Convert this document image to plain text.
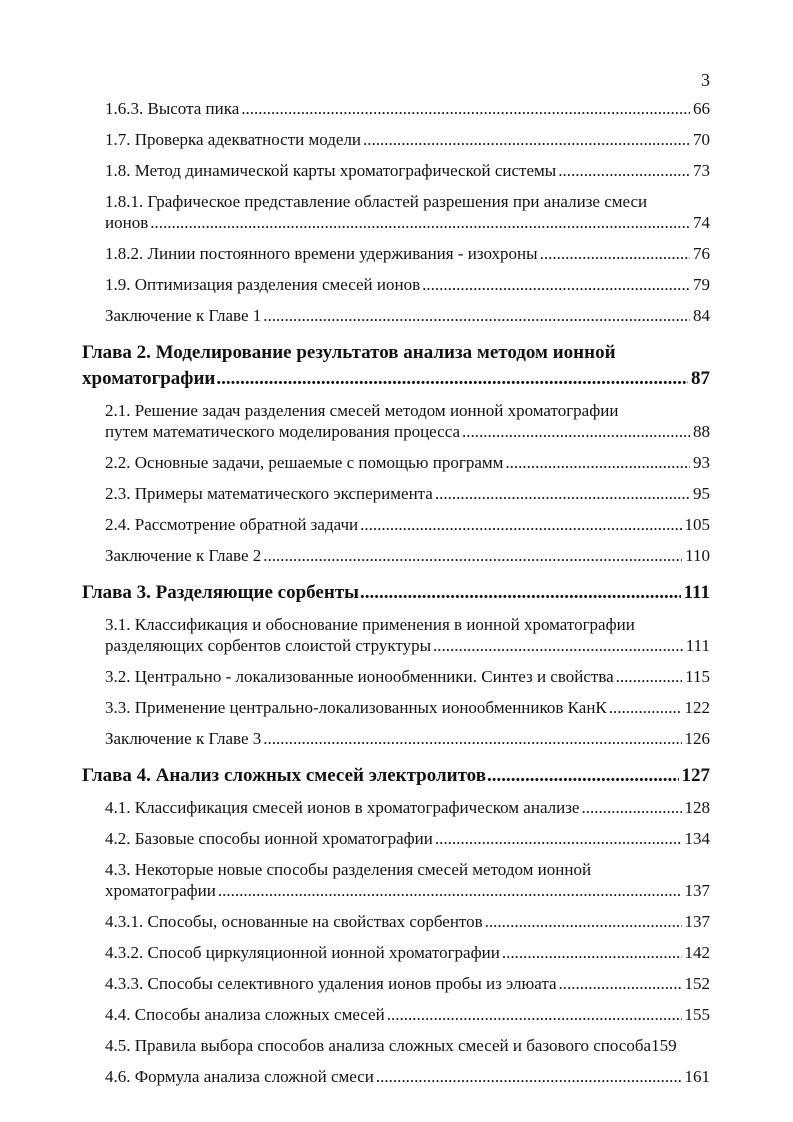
3
1.6.3. Высота пика .....	66
1.7. Проверка адекватности модели .....	70
1.8. Метод динамической карты хроматографической системы .....	73
1.8.1. Графическое представление областей разрешения при анализе смеси
ионов .....	74
1.8.2. Линии постоянного времени удерживания - изохроны .....	76
1.9. Оптимизация разделения смесей ионов .....	79
Заключение к Главе 1 .....	84
Глава 2. Моделирование результатов анализа методом ионной
хроматографии .....	87
2.1. Решение задач разделения смесей методом ионной хроматографии
путем математического моделирования процесса .....	88
2.2. Основные задачи, решаемые с помощью программ .....	93
2.3. Примеры математического эксперимента .....	95
2.4. Рассмотрение обратной задачи .....	105
Заключение к Главе 2 .....	110
Глава 3. Разделяющие сорбенты .....	111
3.1. Классификация и обоснование применения в ионной хроматографии
разделяющих сорбентов слоистой структуры .....	111
3.2. Центрально - локализованные ионообменники. Синтез и свойства .....	115
3.3. Применение центрально-локализованных ионообменников КанК .....	122
Заключение к Главе 3 .....	126
Глава 4. Анализ сложных смесей электролитов .....	127
4.1. Классификация смесей ионов в хроматографическом анализе .....	128
4.2. Базовые способы ионной хроматографии .....	134
4.3. Некоторые новые способы разделения смесей методом ионной
хроматографии .....	137
4.3.1. Способы, основанные на свойствах сорбентов .....	137
4.3.2. Способ циркуляционной ионной хроматографии .....	142
4.3.3. Способы селективного удаления ионов пробы из элюата .....	152
4.4. Способы анализа сложных смесей .....	155
4.5. Правила выбора способов анализа сложных смесей и базового способа 159
4.6. Формула анализа сложной смеси .....	161
